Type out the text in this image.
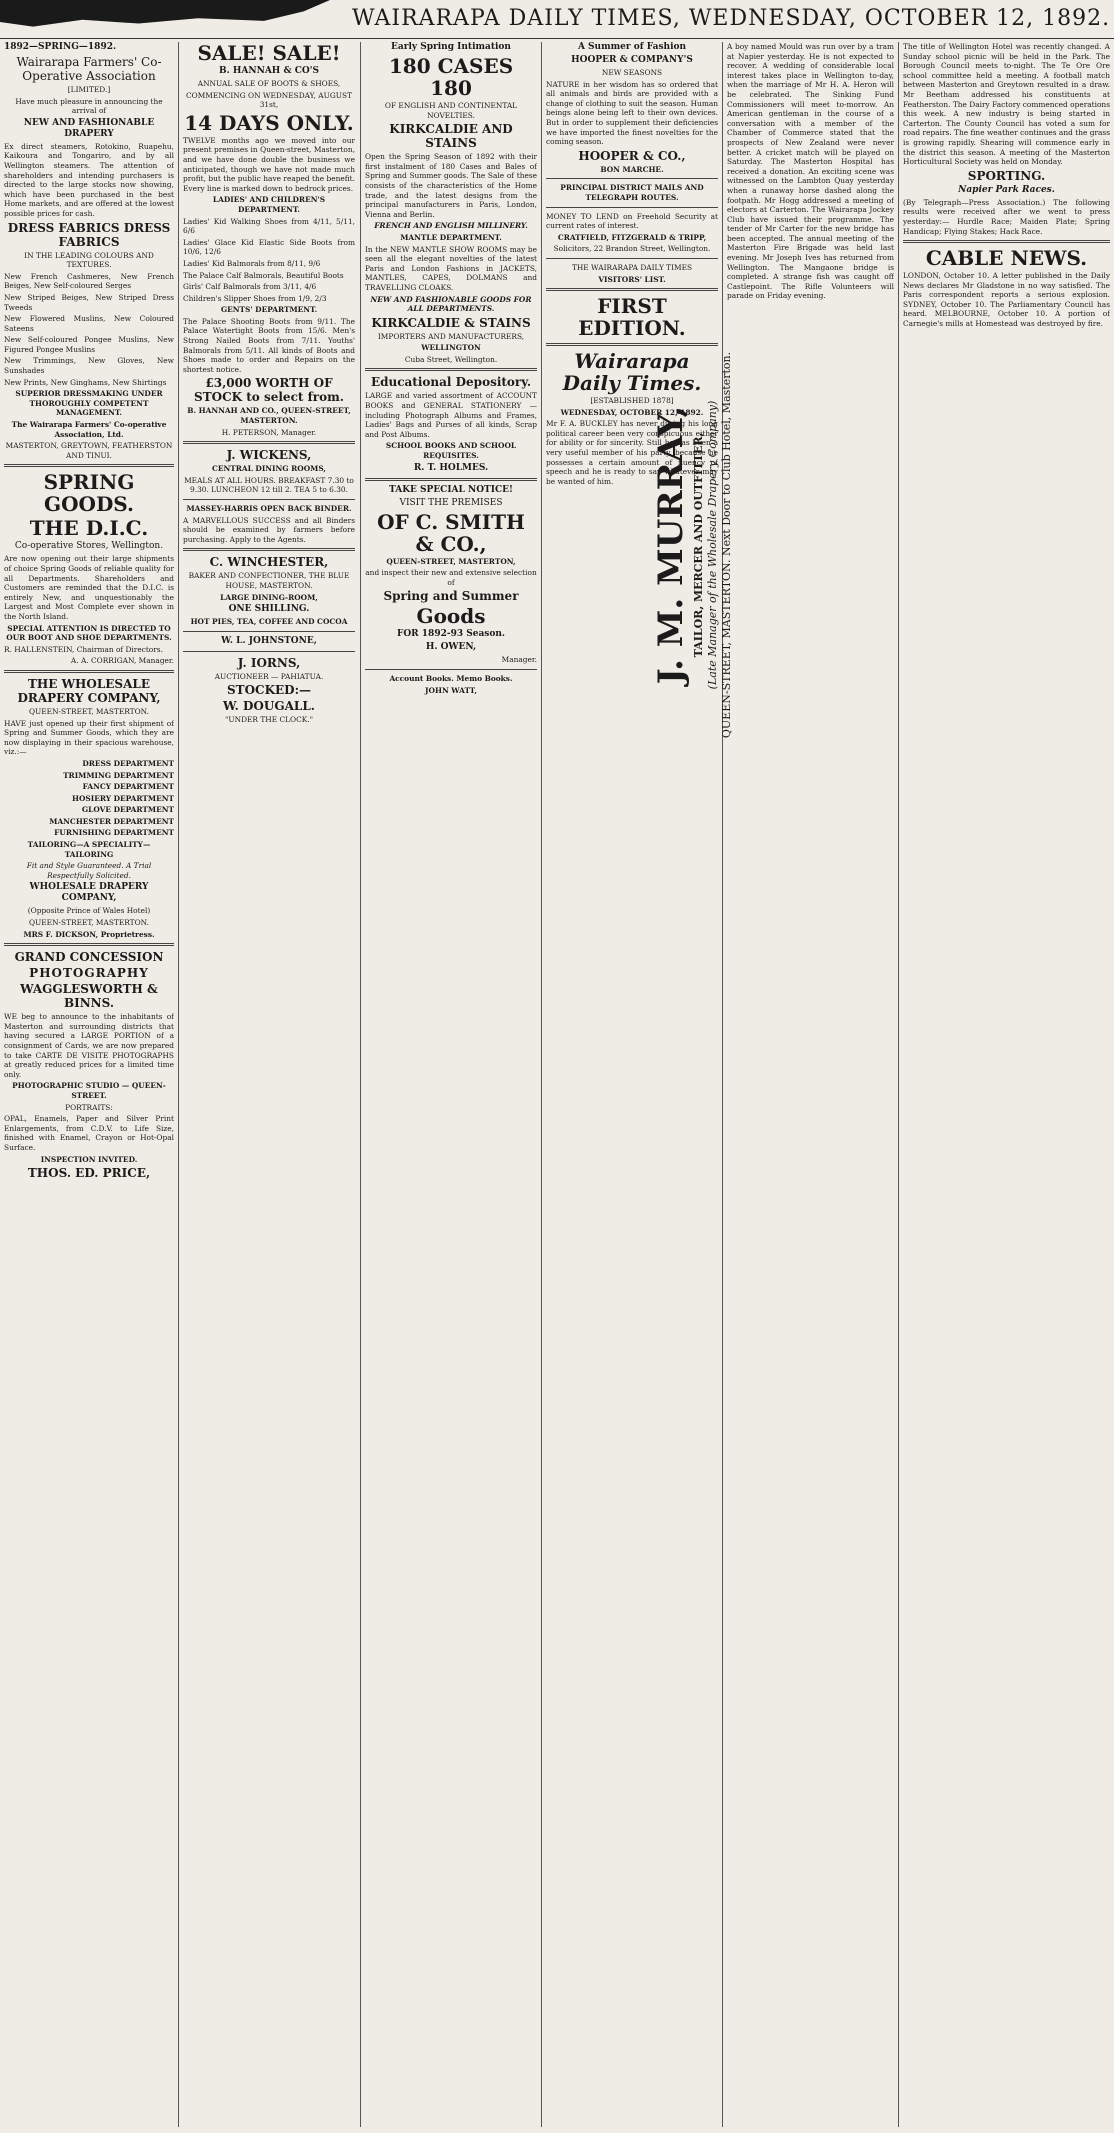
WAIRARAPA DAILY TIMES, WEDNESDAY, OCTOBER 12, 1892.

1892—SPRING—1892.

Wairarapa Farmers' Co-Operative Association

[LIMITED.]

Have much pleasure in announcing the arrival of

NEW AND FASHIONABLE DRAPERY

Ex direct steamers, Rotokino, Ruapehu, Kaikoura and Tongariro, and by all Wellington steamers. The attention of shareholders and intending purchasers is directed to the large stocks now showing, which have been purchased in the best Home markets, and are offered at the lowest possible prices for cash.

DRESS FABRICS DRESS FABRICS

IN THE LEADING COLOURS AND TEXTURES.

New French Cashmeres, New French Beiges, New Self-coloured Serges

New Striped Beiges, New Striped Dress Tweeds

New Flowered Muslins, New Coloured Sateens

New Self-coloured Pongee Muslins, New Figured Pongee Muslins

New Trimmings, New Gloves, New Sunshades

New Prints, New Ginghams, New Shirtings

SUPERIOR DRESSMAKING UNDER THOROUGHLY COMPETENT MANAGEMENT.

The Wairarapa Farmers' Co-operative Association, Ltd.

MASTERTON, GREYTOWN, FEATHERSTON AND TINUI.

SPRING GOODS.

THE D.I.C.

Co-operative Stores, Wellington.

Are now opening out their large shipments of choice Spring Goods of reliable quality for all Departments. Shareholders and Customers are reminded that the D.I.C. is entirely New, and unquestionably the Largest and Most Complete ever shown in the North Island.

SPECIAL ATTENTION IS DIRECTED TO OUR BOOT AND SHOE DEPARTMENTS.

R. HALLENSTEIN, Chairman of Directors.

A. A. CORRIGAN, Manager.

THE WHOLESALE DRAPERY COMPANY,

QUEEN-STREET, MASTERTON.

HAVE just opened up their first shipment of Spring and Summer Goods, which they are now displaying in their spacious warehouse, viz.:—

DRESS DEPARTMENT

TRIMMING DEPARTMENT

FANCY DEPARTMENT

HOSIERY DEPARTMENT

GLOVE DEPARTMENT

MANCHESTER DEPARTMENT

FURNISHING DEPARTMENT

TAILORING—A SPECIALITY—TAILORING

Fit and Style Guaranteed. A Trial Respectfully Solicited.

WHOLESALE DRAPERY COMPANY,

(Opposite Prince of Wales Hotel)

QUEEN-STREET, MASTERTON.

MRS F. DICKSON, Proprietress.

GRAND CONCESSION

PHOTOGRAPHY

WAGGLESWORTH & BINNS.

WE beg to announce to the inhabitants of Masterton and surrounding districts that having secured a LARGE PORTION of a consignment of Cards, we are now prepared to take CARTE DE VISITE PHOTOGRAPHS at greatly reduced prices for a limited time only.

PHOTOGRAPHIC STUDIO — QUEEN-STREET.

PORTRAITS:

OPAL, Enamels, Paper and Silver Print Enlargements, from C.D.V. to Life Size, finished with Enamel, Crayon or Hot-Opal Surface.

INSPECTION INVITED.

THOS. ED. PRICE,

SALE! SALE!

B. HANNAH & CO'S

ANNUAL SALE OF BOOTS & SHOES,

COMMENCING ON WEDNESDAY, AUGUST 31st,

14 DAYS ONLY.

TWELVE months ago we moved into our present premises in Queen-street, Masterton, and we have done double the business we anticipated, though we have not made much profit, but the public have reaped the benefit. Every line is marked down to bedrock prices.

LADIES' AND CHILDREN'S DEPARTMENT.

Ladies' Kid Walking Shoes from 4/11, 5/11, 6/6

Ladies' Glace Kid Elastic Side Boots from 10/6, 12/6

Ladies' Kid Balmorals from 8/11, 9/6

The Palace Calf Balmorals, Beautiful Boots

Girls' Calf Balmorals from 3/11, 4/6

Children's Slipper Shoes from 1/9, 2/3

GENTS' DEPARTMENT.

The Palace Shooting Boots from 9/11. The Palace Watertight Boots from 15/6. Men's Strong Nailed Boots from 7/11. Youths' Balmorals from 5/11. All kinds of Boots and Shoes made to order and Repairs on the shortest notice.

£3,000 WORTH OF STOCK to select from.

B. HANNAH AND CO., QUEEN-STREET, MASTERTON.

H. PETERSON, Manager.

J. WICKENS,

CENTRAL DINING ROOMS,

MEALS AT ALL HOURS. BREAKFAST 7.30 to 9.30. LUNCHEON 12 till 2. TEA 5 to 6.30.

MASSEY-HARRIS OPEN BACK BINDER.

A MARVELLOUS SUCCESS and all Binders should be examined by farmers before purchasing. Apply to the Agents.

C. WINCHESTER,

BAKER AND CONFECTIONER, THE BLUE HOUSE, MASTERTON.

LARGE DINING-ROOM,

ONE SHILLING.

HOT PIES, TEA, COFFEE AND COCOA

W. L. JOHNSTONE,

J. IORNS,

AUCTIONEER — PAHIATUA.

STOCKED:—

W. DOUGALL.

"UNDER THE CLOCK."

Early Spring Intimation

180 CASES 180

OF ENGLISH AND CONTINENTAL NOVELTIES.

KIRKCALDIE AND STAINS

Open the Spring Season of 1892 with their first instalment of 180 Cases and Bales of Spring and Summer goods. The Sale of these consists of the characteristics of the Home trade, and the latest designs from the principal manufacturers in Paris, London, Vienna and Berlin.

FRENCH AND ENGLISH MILLINERY.

MANTLE DEPARTMENT.

In the NEW MANTLE SHOW ROOMS may be seen all the elegant novelties of the latest Paris and London Fashions in JACKETS, MANTLES, CAPES, DOLMANS and TRAVELLING CLOAKS.

NEW AND FASHIONABLE GOODS FOR ALL DEPARTMENTS.

KIRKCALDIE & STAINS

IMPORTERS AND MANUFACTURERS,

WELLINGTON

Cuba Street, Wellington.

Educational Depository.

LARGE and varied assortment of ACCOUNT BOOKS and GENERAL STATIONERY — including Photograph Albums and Frames, Ladies' Bags and Purses of all kinds, Scrap and Post Albums.

SCHOOL BOOKS AND SCHOOL REQUISITES.

R. T. HOLMES.

TAKE SPECIAL NOTICE!

VISIT THE PREMISES

OF C. SMITH & CO.,

QUEEN-STREET, MASTERTON,

and inspect their new and extensive selection of

Spring and Summer

Goods

FOR 1892-93 Season.

H. OWEN,

Manager.

Account Books. Memo Books.

JOHN WATT,

A Summer of Fashion

HOOPER & COMPANY'S

NEW SEASONS

NATURE in her wisdom has so ordered that all animals and birds are provided with a change of clothing to suit the season. Human beings alone being left to their own devices. But in order to supplement their deficiencies we have imported the finest novelties for the coming season.

HOOPER & CO.,

BON MARCHE.

PRINCIPAL DISTRICT MAILS AND TELEGRAPH ROUTES.

MONEY TO LEND on Freehold Security at current rates of interest.

CRATFIELD, FITZGERALD & TRIPP,

Solicitors, 22 Brandon Street, Wellington.

THE WAIRARAPA DAILY TIMES

VISITORS' LIST.

FIRST EDITION.

Wairarapa Daily Times.

[ESTABLISHED 1878]

WEDNESDAY, OCTOBER 12, 1892.

Mr F. A. BUCKLEY has never during his long political career been very conspicuous either for ability or for sincerity. Still he has been a very useful member of his party, because he possesses a certain amount of fluency of speech and he is ready to say whatever may be wanted of him.

A boy named Mould was run over by a tram at Napier yesterday. He is not expected to recover. A wedding of considerable local interest takes place in Wellington to-day, when the marriage of Mr H. A. Heron will be celebrated. The Sinking Fund Commissioners will meet to-morrow. An American gentleman in the course of a conversation with a member of the Chamber of Commerce stated that the prospects of New Zealand were never better. A cricket match will be played on Saturday. The Masterton Hospital has received a donation. An exciting scene was witnessed on the Lambton Quay yesterday when a runaway horse dashed along the footpath. Mr Hogg addressed a meeting of electors at Carterton. The Wairarapa Jockey Club have issued their programme. The tender of Mr Carter for the new bridge has been accepted. The annual meeting of the Masterton Fire Brigade was held last evening. Mr Joseph Ives has returned from Wellington. The Mangaone bridge is completed. A strange fish was caught off Castlepoint. The Rifle Volunteers will parade on Friday evening.

The title of Wellington Hotel was recently changed. A Sunday school picnic will be held in the Park. The Borough Council meets to-night. The Te Ore Ore school committee held a meeting. A football match between Masterton and Greytown resulted in a draw. Mr Beetham addressed his constituents at Featherston. The Dairy Factory commenced operations this week. A new industry is being started in Carterton. The County Council has voted a sum for road repairs. The fine weather continues and the grass is growing rapidly. Shearing will commence early in the district this season. A meeting of the Masterton Horticultural Society was held on Monday.

SPORTING.

Napier Park Races.

(By Telegraph—Press Association.) The following results were received after we went to press yesterday:— Hurdle Race; Maiden Plate; Spring Handicap; Flying Stakes; Hack Race.

CABLE NEWS.

LONDON, October 10. A letter published in the Daily News declares Mr Gladstone in no way satisfied. The Paris correspondent reports a serious explosion. SYDNEY, October 10. The Parliamentary Council has heard. MELBOURNE, October 10. A portion of Carnegie's mills at Homestead was destroyed by fire.

J. M. MURRAY, TAILOR, MERCER AND OUTFITTER, (Late Manager of the Wholesale Drapery Company) QUEEN-STREET, MASTERTON. Next Door to Club Hotel, Masterton.
